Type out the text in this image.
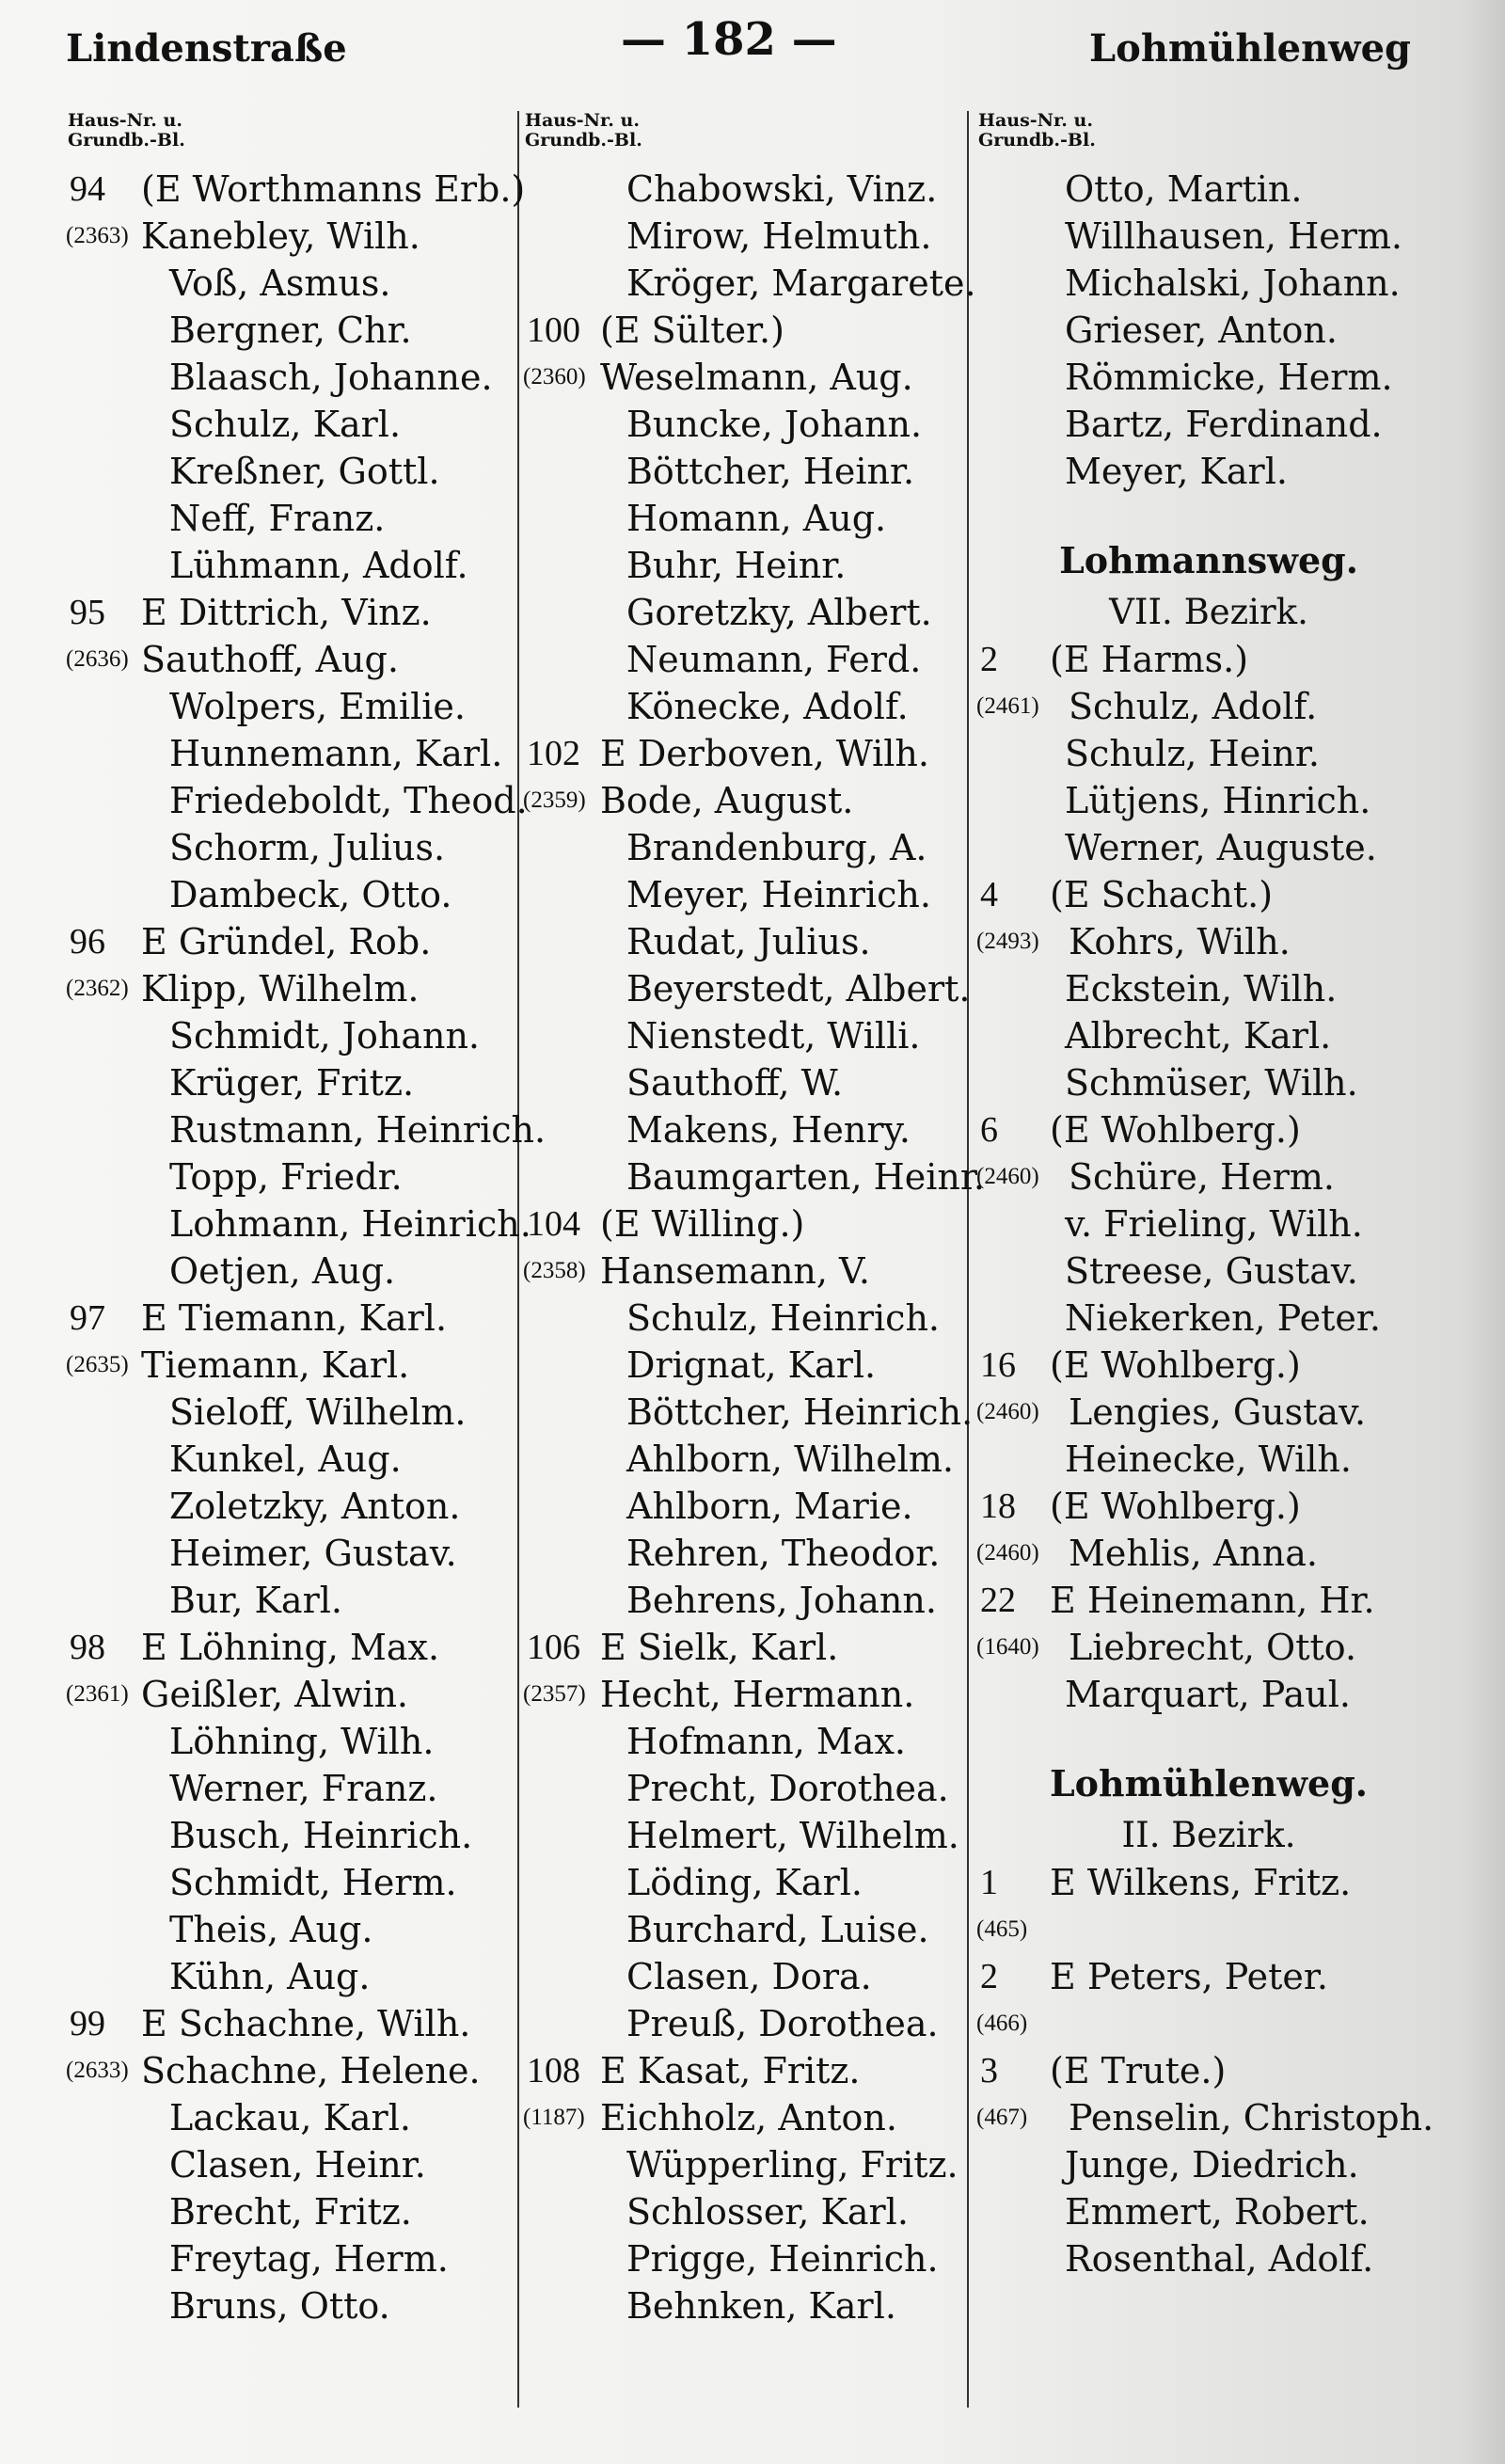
Lindenstraße	— 182 —	Lohmühlenweg
Haus-Nr. u.
Grundb.-Bl.
94 (E Worthmanns Erb.)
(2363) Kanebley, Wilh.
Voß, Asmus.
Bergner, Chr.
Blaasch, Johanne.
Schulz, Karl.
Kreßner, Gottl.
Neff, Franz.
Lühmann, Adolf.
95 E Dittrich, Vinz.
(2636) Sauthoff, Aug.
Wolpers, Emilie.
Hunnemann, Karl.
Friedeboldt, Theod.
Schorm, Julius.
Dambeck, Otto.
96 E Gründel, Rob.
(2362) Klipp, Wilhelm.
Schmidt, Johann.
Krüger, Fritz.
Rustmann, Heinrich.
Topp, Friedr.
Lohmann, Heinrich.
Oetjen, Aug.
97 E Tiemann, Karl.
(2635) Tiemann, Karl.
Sieloff, Wilhelm.
Kunkel, Aug.
Zoletzky, Anton.
Heimer, Gustav.
Bur, Karl.
98 E Löhning, Max.
(2361) Geißler, Alwin.
Löhning, Wilh.
Werner, Franz.
Busch, Heinrich.
Schmidt, Herm.
Theis, Aug.
Kühn, Aug.
99 E Schachne, Wilh.
(2633) Schachne, Helene.
Lackau, Karl.
Clasen, Heinr.
Brecht, Fritz.
Freytag, Herm.
Bruns, Otto.
Haus-Nr. u.
Grundb.-Bl.
Chabowski, Vinz.
Mirow, Helmuth.
Kröger, Margarete.
100 (E Sülter.)
(2360) Weselmann, Aug.
Buncke, Johann.
Böttcher, Heinr.
Homann, Aug.
Buhr, Heinr.
Goretzky, Albert.
Neumann, Ferd.
Könecke, Adolf.
102 E Derboven, Wilh.
(2359) Bode, August.
Brandenburg, A.
Meyer, Heinrich.
Rudat, Julius.
Beyerstedt, Albert.
Nienstedt, Willi.
Sauthoff, W.
Makens, Henry.
Baumgarten, Heinr.
104 (E Willing.)
(2358) Hansemann, V.
Schulz, Heinrich.
Drignat, Karl.
Böttcher, Heinrich.
Ahlborn, Wilhelm.
Ahlborn, Marie.
Rehren, Theodor.
Behrens, Johann.
106 E Sielk, Karl.
(2357) Hecht, Hermann.
Hofmann, Max.
Precht, Dorothea.
Helmert, Wilhelm.
Löding, Karl.
Burchard, Luise.
Clasen, Dora.
Preuß, Dorothea.
108 E Kasat, Fritz.
(1187) Eichholz, Anton.
Wüpperling, Fritz.
Schlosser, Karl.
Prigge, Heinrich.
Behnken, Karl.
Haus-Nr. u.
Grundb.-Bl.
Otto, Martin.
Willhausen, Herm.
Michalski, Johann.
Grieser, Anton.
Römmicke, Herm.
Bartz, Ferdinand.
Meyer, Karl.
Lohmannsweg.
VII. Bezirk.
2 (E Harms.)
(2461) Schulz, Adolf.
Schulz, Heinr.
Lütjens, Hinrich.
Werner, Auguste.
4 (E Schacht.)
(2493) Kohrs, Wilh.
Eckstein, Wilh.
Albrecht, Karl.
Schmüser, Wilh.
6 (E Wohlberg.)
(2460) Schüre, Herm.
v. Frieling, Wilh.
Streese, Gustav.
Niekerken, Peter.
16 (E Wohlberg.)
(2460) Lengies, Gustav.
Heinecke, Wilh.
18 (E Wohlberg.)
(2460) Mehlis, Anna.
22 E Heinemann, Hr.
(1640) Liebrecht, Otto.
Marquart, Paul.
Lohmühlenweg.
II. Bezirk.
1 E Wilkens, Fritz.
(465)
2 E Peters, Peter.
(466)
3 (E Trute.)
(467) Penselin, Christoph.
Junge, Diedrich.
Emmert, Robert.
Rosenthal, Adolf.
